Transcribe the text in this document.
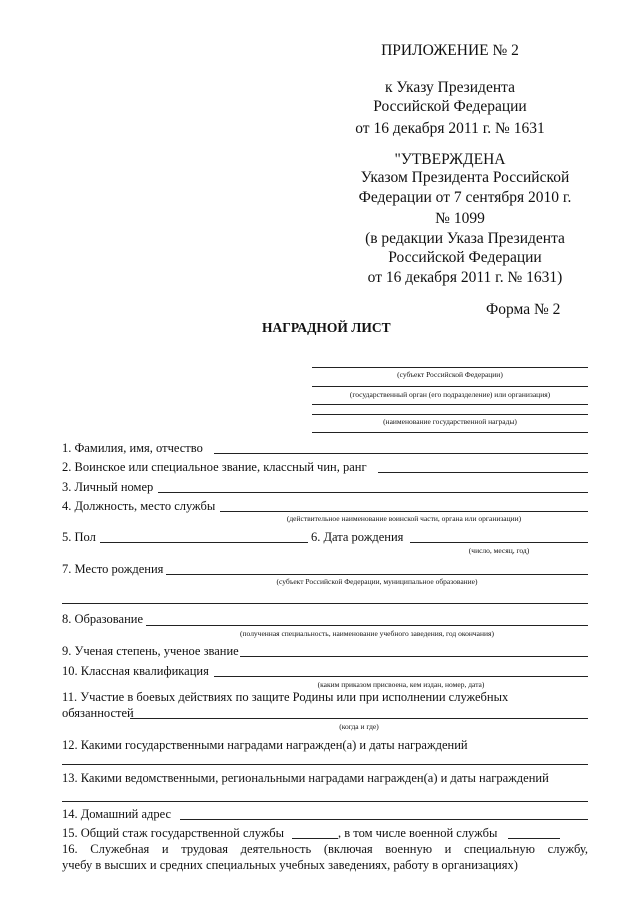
ПРИЛОЖЕНИЕ № 2
к Указу Президента
Российской Федерации
от 16 декабря 2011 г. № 1631
"УТВЕРЖДЕНА
Указом Президента Российской
Федерации от 7 сентября 2010 г.
№ 1099
(в редакции Указа Президента
Российской Федерации
от 16 декабря 2011 г. № 1631)
Форма № 2
НАГРАДНОЙ ЛИСТ
(субъект Российской Федерации)
(государственный орган (его подразделение) или организация)
(наименование государственной награды)
1. Фамилия, имя, отчество
2. Воинское или специальное звание, классный чин, ранг
3. Личный номер
4. Должность, место службы
(действительное наименование воинской части, органа или организации)
5. Пол	6. Дата рождения
(число, месяц, год)
7. Место рождения
(субъект Российской Федерации, муниципальное образование)
8. Образование
(полученная специальность, наименование учебного заведения, год окончания)
9. Ученая степень, ученое звание
10. Классная квалификация
(каким приказом присвоена, кем издан, номер, дата)
11. Участие в боевых действиях по защите Родины или при исполнении служебных
обязанностей
(когда и где)
12. Какими государственными наградами награжден(а) и даты награждений
13. Какими ведомственными, региональными наградами награжден(а) и даты награждений
14. Домашний адрес
15. Общий стаж государственной службы	, в том числе военной службы
16. Служебная и трудовая деятельность (включая военную и специальную службу,
учебу в высших и средних специальных учебных заведениях, работу в организациях)
